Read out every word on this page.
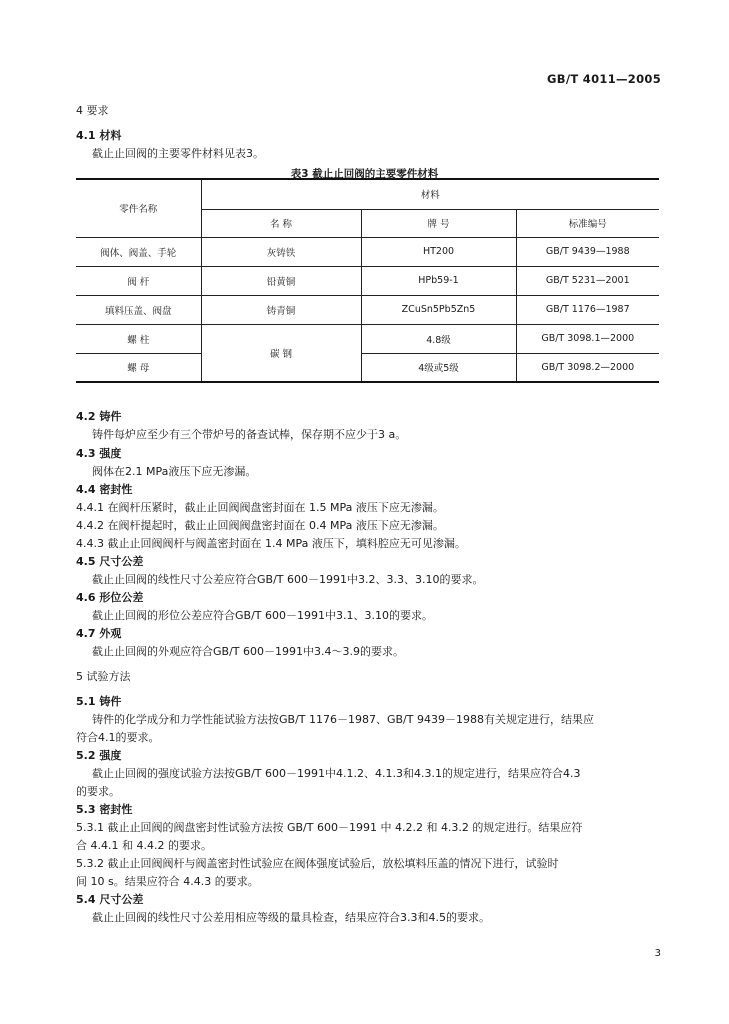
GB/T 4011—2005
4 要求
4.1 材料
截止止回阀的主要零件材料见表3。
表3 截止止回阀的主要零件材料
零件名称	材料		
	名 称	牌 号	标准编号
阀体、阀盖、手轮	灰铸铁	HT200	GB/T 9439—1988
阀 杆	铅黄铜	HPb59-1	GB/T 5231—2001
填料压盖、阀盘	铸青铜	ZCuSn5Pb5Zn5	GB/T 1176—1987
螺 柱	碳 钢	4.8级	GB/T 3098.1—2000
螺 母		4级或5级	GB/T 3098.2—2000
4.2 铸件
铸件每炉应至少有三个带炉号的备查试棒，保存期不应少于3 a。
4.3 强度
阀体在2.1 MPa液压下应无渗漏。
4.4 密封性
4.4.1 在阀杆压紧时，截止止回阀阀盘密封面在 1.5 MPa 液压下应无渗漏。
4.4.2 在阀杆提起时，截止止回阀阀盘密封面在 0.4 MPa 液压下应无渗漏。
4.4.3 截止止回阀阀杆与阀盖密封面在 1.4 MPa 液压下，填料腔应无可见渗漏。
4.5 尺寸公差
截止止回阀的线性尺寸公差应符合GB/T 600－1991中3.2、3.3、3.10的要求。
4.6 形位公差
截止止回阀的形位公差应符合GB/T 600－1991中3.1、3.10的要求。
4.7 外观
截止止回阀的外观应符合GB/T 600－1991中3.4～3.9的要求。
5 试验方法
5.1 铸件
铸件的化学成分和力学性能试验方法按GB/T 1176－1987、GB/T 9439－1988有关规定进行，结果应
符合4.1的要求。
5.2 强度
截止止回阀的强度试验方法按GB/T 600－1991中4.1.2、4.1.3和4.3.1的规定进行，结果应符合4.3
的要求。
5.3 密封性
5.3.1 截止止回阀的阀盘密封性试验方法按 GB/T 600－1991 中 4.2.2 和 4.3.2 的规定进行。结果应符
合 4.4.1 和 4.4.2 的要求。
5.3.2 截止止回阀阀杆与阀盖密封性试验应在阀体强度试验后，放松填料压盖的情况下进行，试验时
间 10 s。结果应符合 4.4.3 的要求。
5.4 尺寸公差
截止止回阀的线性尺寸公差用相应等级的量具检查，结果应符合3.3和4.5的要求。
3
